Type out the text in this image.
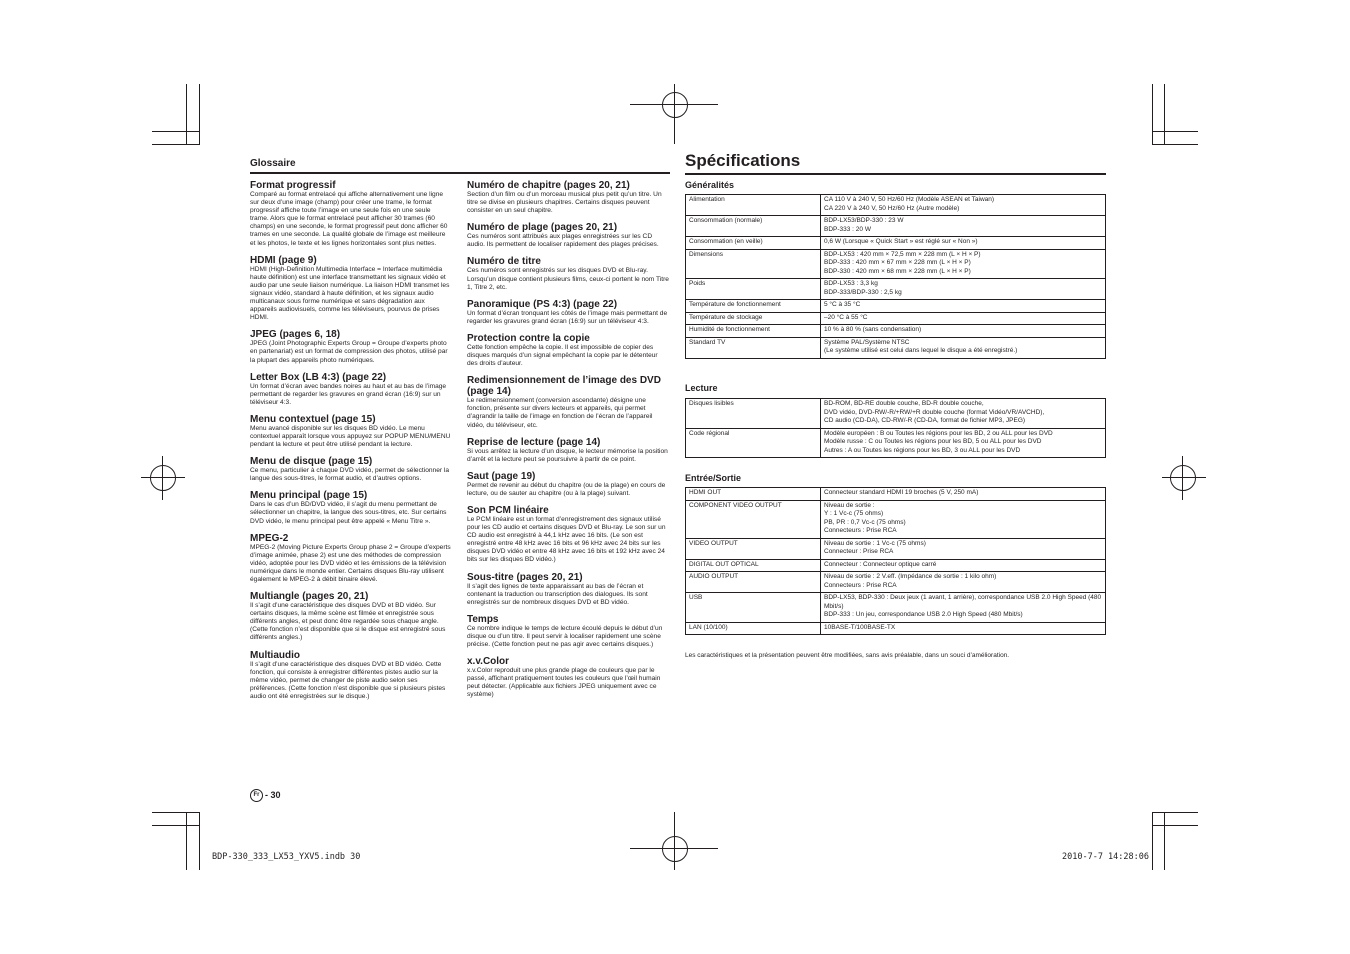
Glossaire
Format progressif

Comparé au format entrelacé qui affiche alternativement une ligne sur deux d’une image (champ) pour créer une trame, le format progressif affiche toute l’image en une seule fois en une seule trame. Alors que le format entrelacé peut afficher 30 trames (60 champs) en une seconde, le format progressif peut donc afficher 60 trames en une seconde. La qualité globale de l’image est meilleure et les photos, le texte et les lignes horizontales sont plus nettes.

HDMI (page 9)

HDMI (High-Definition Multimedia Interface = Interface multimédia haute définition) est une interface transmettant les signaux vidéo et audio par une seule liaison numérique. La liaison HDMI transmet les signaux vidéo, standard à haute définition, et les signaux audio multicanaux sous forme numérique et sans dégradation aux appareils audiovisuels, comme les téléviseurs, pourvus de prises HDMI.

JPEG (pages 6, 18)

JPEG (Joint Photographic Experts Group = Groupe d’experts photo en partenariat) est un format de compression des photos, utilisé par la plupart des appareils photo numériques.

Letter Box (LB 4:3) (page 22)

Un format d’écran avec bandes noires au haut et au bas de l’image permettant de regarder les gravures en grand écran (16:9) sur un téléviseur 4:3.

Menu contextuel (page 15)

Menu avancé disponible sur les disques BD vidéo. Le menu contextuel apparaît lorsque vous appuyez sur POPUP MENU/MENU pendant la lecture et peut être utilisé pendant la lecture.

Menu de disque (page 15)

Ce menu, particulier à chaque DVD vidéo, permet de sélectionner la langue des sous-titres, le format audio, et d’autres options.

Menu principal (page 15)

Dans le cas d’un BD/DVD vidéo, il s’agit du menu permettant de sélectionner un chapitre, la langue des sous-titres, etc. Sur certains DVD vidéo, le menu principal peut être appelé « Menu Titre ».

MPEG-2

MPEG-2 (Moving Picture Experts Group phase 2 = Groupe d’experts d’image animée, phase 2) est une des méthodes de compression vidéo, adoptée pour les DVD vidéo et les émissions de la télévision numérique dans le monde entier. Certains disques Blu-ray utilisent également le MPEG-2 à débit binaire élevé.

Multiangle (pages 20, 21)

Il s’agit d’une caractéristique des disques DVD et BD vidéo. Sur certains disques, la même scène est filmée et enregistrée sous différents angles, et peut donc être regardée sous chaque angle. (Cette fonction n’est disponible que si le disque est enregistré sous différents angles.)

Multiaudio

Il s’agit d’une caractéristique des disques DVD et BD vidéo. Cette fonction, qui consiste à enregistrer différentes pistes audio sur la même vidéo, permet de changer de piste audio selon ses préférences. (Cette fonction n’est disponible que si plusieurs pistes audio ont été enregistrées sur le disque.)

Numéro de chapitre (pages 20, 21)

Section d’un film ou d’un morceau musical plus petit qu’un titre. Un titre se divise en plusieurs chapitres. Certains disques peuvent consister en un seul chapitre.

Numéro de plage (pages 20, 21)

Ces numéros sont attribués aux plages enregistrées sur les CD audio. Ils permettent de localiser rapidement des plages précises.

Numéro de titre

Ces numéros sont enregistrés sur les disques DVD et Blu-ray. Lorsqu’un disque contient plusieurs films, ceux-ci portent le nom Titre 1, Titre 2, etc.

Panoramique (PS 4:3) (page 22)

Un format d’écran tronquant les côtés de l’image mais permettant de regarder les gravures grand écran (16:9) sur un téléviseur 4:3.

Protection contre la copie

Cette fonction empêche la copie. Il est impossible de copier des disques marqués d’un signal empêchant la copie par le détenteur des droits d’auteur.

Redimensionnement de l’image des DVD (page 14)

Le redimensionnement (conversion ascendante) désigne une fonction, présente sur divers lecteurs et appareils, qui permet d’agrandir la taille de l’image en fonction de l’écran de l’appareil vidéo, du téléviseur, etc.

Reprise de lecture (page 14)

Si vous arrêtez la lecture d’un disque, le lecteur mémorise la position d’arrêt et la lecture peut se poursuivre à partir de ce point.

Saut (page 19)

Permet de revenir au début du chapitre (ou de la plage) en cours de lecture, ou de sauter au chapitre (ou à la plage) suivant.

Son PCM linéaire

Le PCM linéaire est un format d’enregistrement des signaux utilisé pour les CD audio et certains disques DVD et Blu-ray. Le son sur un CD audio est enregistré à 44,1 kHz avec 16 bits. (Le son est enregistré entre 48 kHz avec 16 bits et 96 kHz avec 24 bits sur les disques DVD vidéo et entre 48 kHz avec 16 bits et 192 kHz avec 24 bits sur les disques BD vidéo.)

Sous-titre (pages 20, 21)

Il s’agit des lignes de texte apparaissant au bas de l’écran et contenant la traduction ou transcription des dialogues. Ils sont enregistrés sur de nombreux disques DVD et BD vidéo.

Temps

Ce nombre indique le temps de lecture écoulé depuis le début d’un disque ou d’un titre. Il peut servir à localiser rapidement une scène précise. (Cette fonction peut ne pas agir avec certains disques.)

x.v.Color

x.v.Color reproduit une plus grande plage de couleurs que par le passé, affichant pratiquement toutes les couleurs que l’œil humain peut détecter. (Applicable aux fichiers JPEG uniquement avec ce système)

Spécifications
Généralités
Alimentation	CA 110 V à 240 V, 50 Hz/60 Hz (Modèle ASEAN et Taiwan)
CA 220 V à 240 V, 50 Hz/60 Hz (Autre modèle)
Consommation (normale)	BDP-LX53/BDP-330 : 23 W
BDP-333 : 20 W
Consommation (en veille)	0,6 W (Lorsque « Quick Start » est réglé sur « Non »)
Dimensions	BDP-LX53 : 420 mm × 72,5 mm × 228 mm (L × H × P)
BDP-333 : 420 mm × 67 mm × 228 mm (L × H × P)
BDP-330 : 420 mm × 68 mm × 228 mm (L × H × P)
Poids	BDP-LX53 : 3,3 kg
BDP-333/BDP-330 : 2,5 kg
Température de fonctionnement	5 °C à 35 °C
Température de stockage	–20 °C à 55 °C
Humidité de fonctionnement	10 % à 80 % (sans condensation)
Standard TV	Système PAL/Système NTSC
(Le système utilisé est celui dans lequel le disque a été enregistré.)
Lecture
Disques lisibles	BD-ROM, BD-RE double couche, BD-R double couche,
DVD vidéo, DVD-RW/-R/+RW/+R double couche (format Vidéo/VR/AVCHD),
CD audio (CD-DA), CD-RW/-R (CD-DA, format de fichier MP3, JPEG)
Code régional	Modèle européen : B ou Toutes les régions pour les BD, 2 ou ALL pour les DVD
Modèle russe : C ou Toutes les régions pour les BD, 5 ou ALL pour les DVD
Autres : A ou Toutes les régions pour les BD, 3 ou ALL pour les DVD
Entrée/Sortie
HDMI OUT	Connecteur standard HDMI 19 broches (5 V, 250 mA)
COMPONENT VIDEO OUTPUT	Niveau de sortie :
Y : 1 Vc-c (75 ohms)
PB, PR : 0,7 Vc-c (75 ohms)
Connecteurs : Prise RCA
VIDEO OUTPUT	Niveau de sortie : 1 Vc-c (75 ohms)
Connecteur : Prise RCA
DIGITAL OUT OPTICAL	Connecteur : Connecteur optique carré
AUDIO OUTPUT	Niveau de sortie : 2 V.eff. (Impédance de sortie : 1 kilo ohm)
Connecteurs : Prise RCA
USB	BDP-LX53, BDP-330 : Deux jeux (1 avant, 1 arrière), correspondance USB 2.0 High Speed (480 Mbit/s)
BDP-333 : Un jeu, correspondance USB 2.0 High Speed (480 Mbit/s)
LAN (10/100)	10BASE-T/100BASE-TX
Les caractéristiques et la présentation peuvent être modifiées, sans avis préalable, dans un souci d’amélioration.
Fr - 30
BDP-330_333_LX53_YXV5.indb 30	2010-7-7 14:28:06
